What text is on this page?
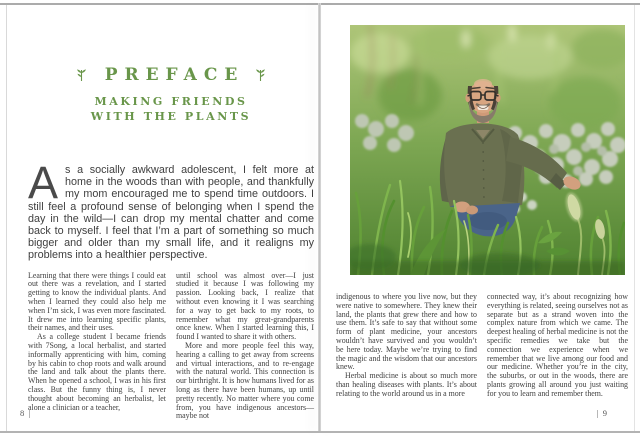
PREFACE
MAKING FRIENDS
WITH THE PLANTS

As a socially awkward adolescent, I felt more at home in the woods than with people, and thankfully my mom encouraged me to spend time outdoors. I still feel a profound sense of belonging when I spend the day in the wild—I can drop my mental chatter and come back to myself. I feel that I’m a part of something so much bigger and older than my small life, and it realigns my problems into a healthier perspective.

Learning that there were things I could eat out there was a revelation, and I started getting to know the individual plants. And when I learned they could also help me when I’m sick, I was even more fascinated. It drew me into learning specific plants, their names, and their uses.

As a college student I became friends with 7Song, a local herbalist, and started informally apprenticing with him, coming by his cabin to chop roots and walk around the land and talk about the plants there. When he opened a school, I was in his first class. But the funny thing is, I never thought about becoming an herbalist, let alone a clinician or a teacher,

until school was almost over—I just studied it because I was following my passion. Looking back, I realize that without even knowing it I was searching for a way to get back to my roots, to remember what my great-grandparents once knew. When I started learning this, I found I wanted to share it with others.

More and more people feel this way, hearing a calling to get away from screens and virtual interactions, and to re-engage with the natural world. This connection is our birthright. It is how humans lived for as long as there have been humans, up until pretty recently. No matter where you come from, you have indigenous ancestors—maybe not

8 |

indigenous to where you live now, but they were native to somewhere. They knew their land, the plants that grew there and how to use them. It’s safe to say that without some form of plant medicine, your ancestors wouldn’t have survived and you wouldn’t be here today. Maybe we’re trying to find the magic and the wisdom that our ancestors knew.

Herbal medicine is about so much more than healing diseases with plants. It’s about relating to the world around us in a more

connected way, it’s about recognizing how everything is related, seeing ourselves not as separate but as a strand woven into the complex nature from which we came. The deepest healing of herbal medicine is not the specific remedies we take but the connection we experience when we remember that we live among our food and our medicine. Whether you’re in the city, the suburbs, or out in the woods, there are plants growing all around you just waiting for you to learn and remember them.

| 9
